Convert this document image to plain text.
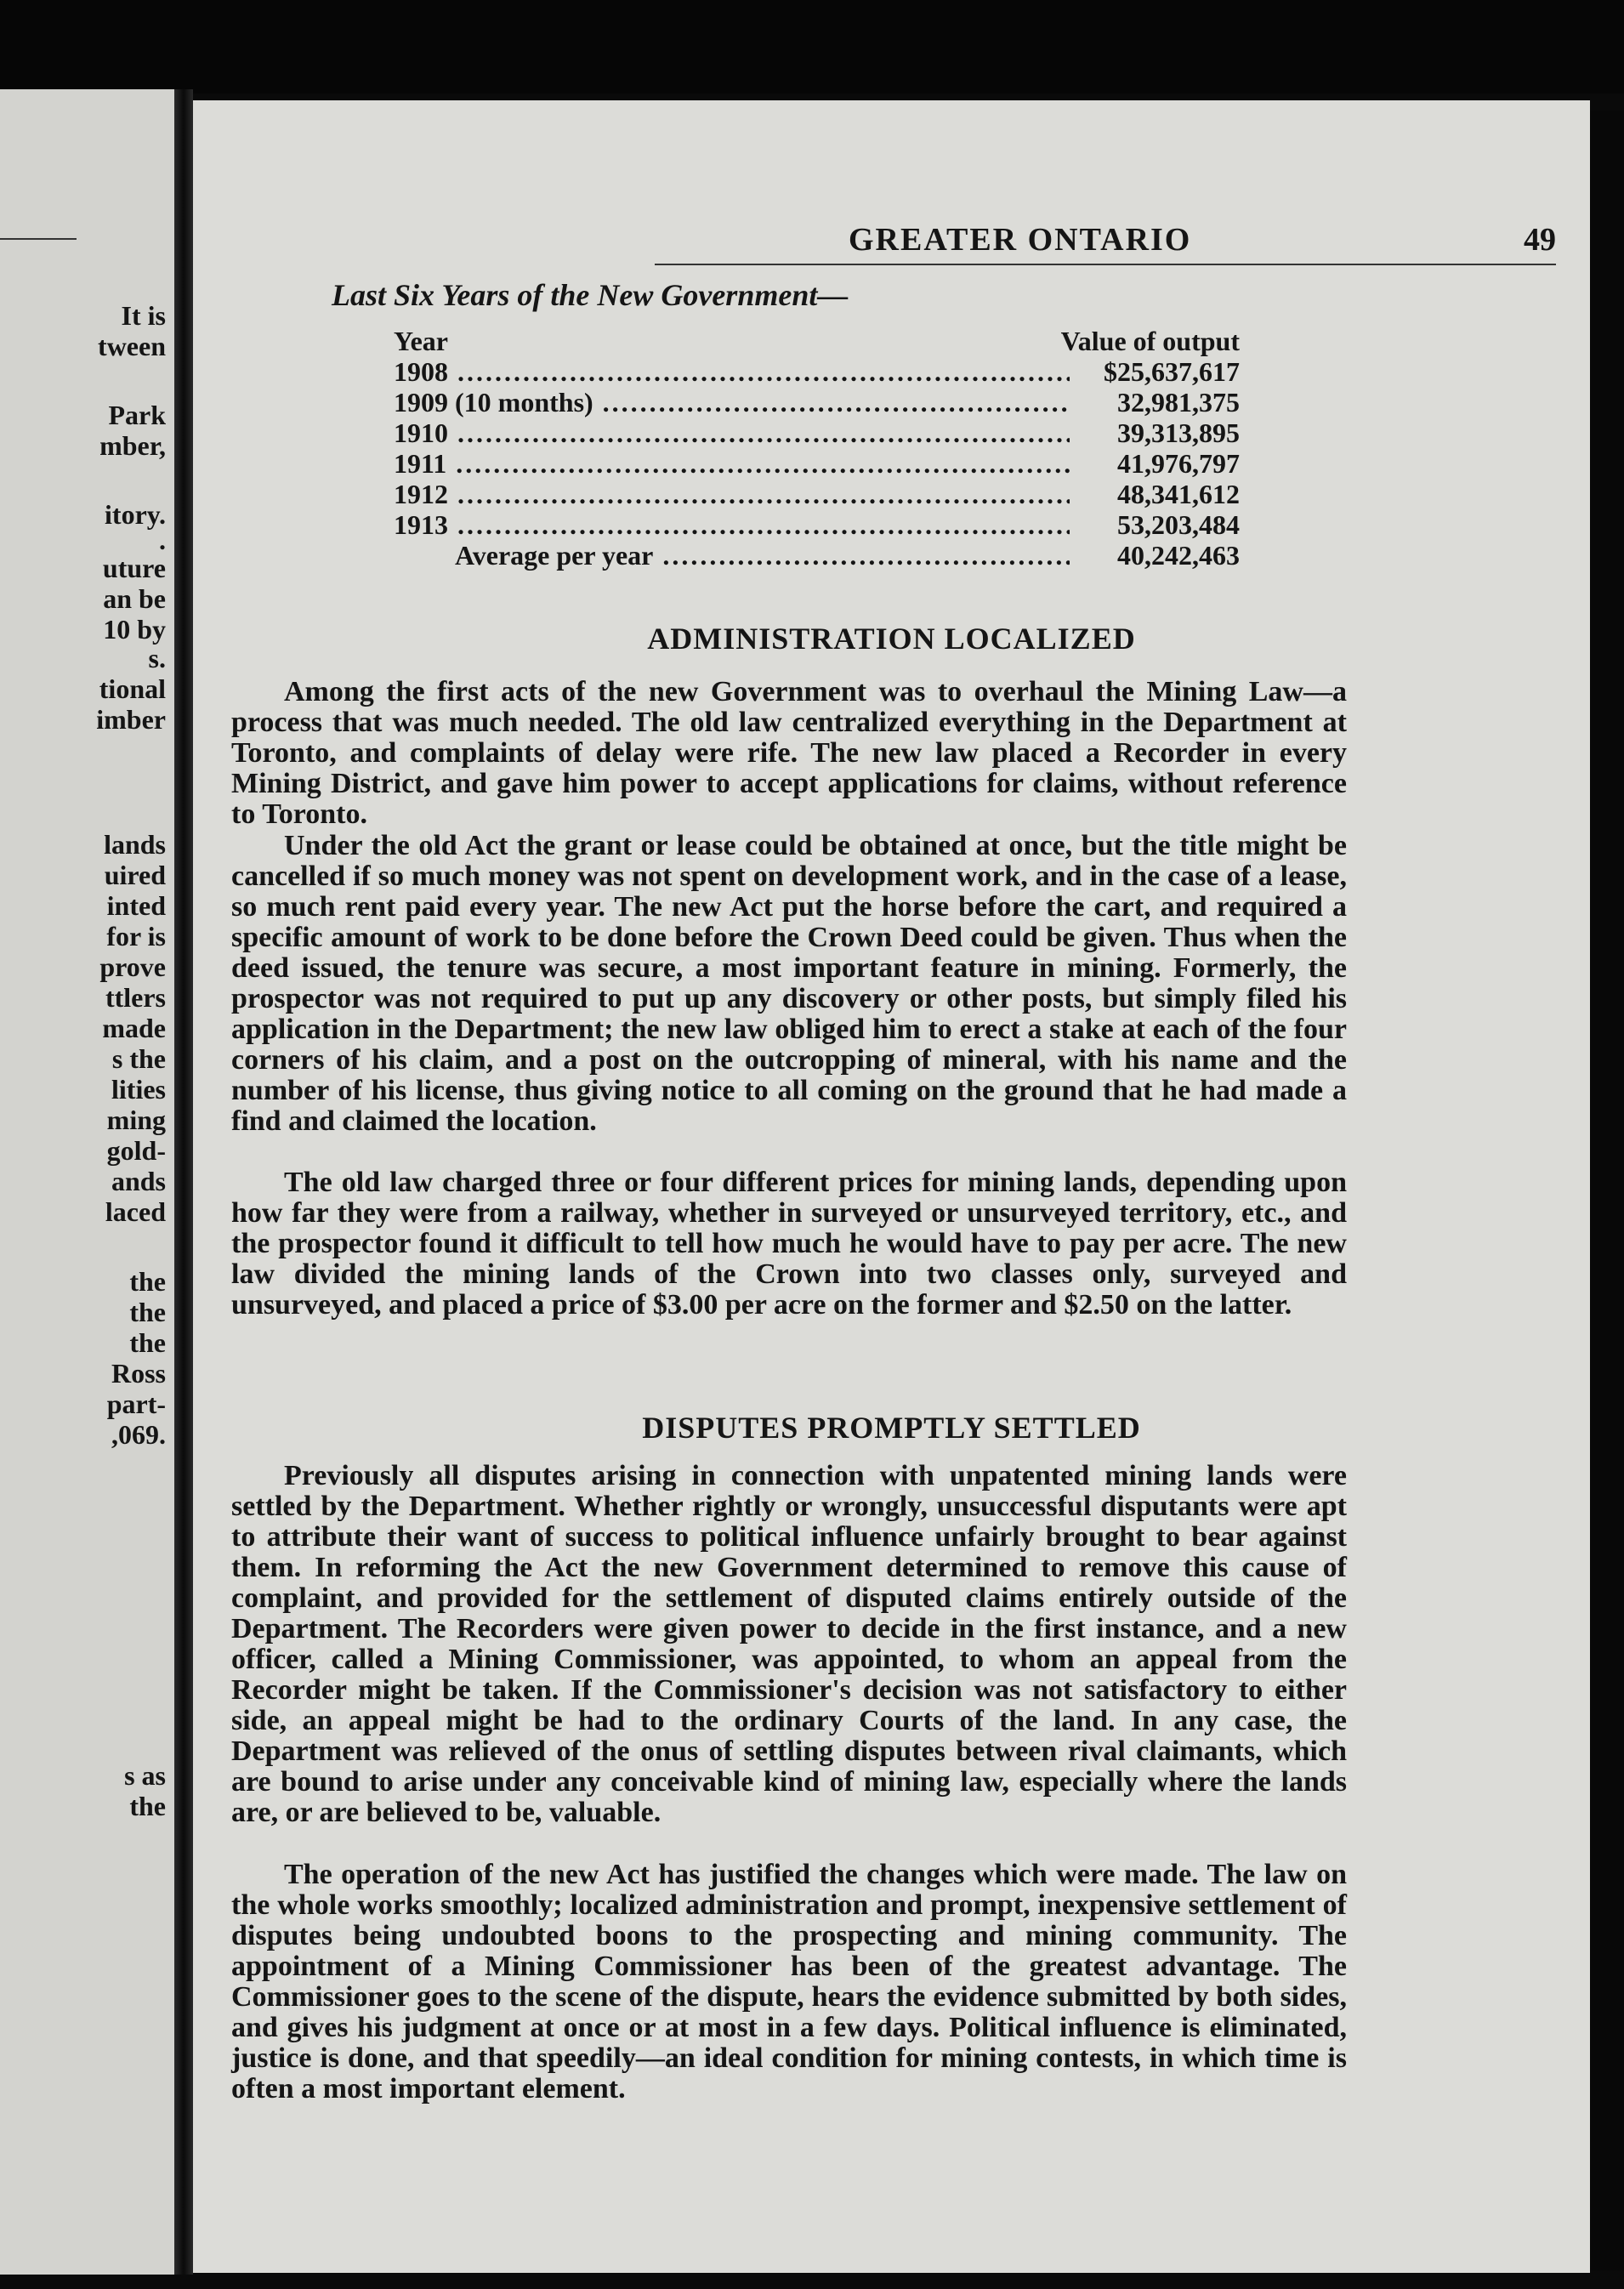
It is
tween
Park
mber,
itory.
.
uture
an be
10 by
s.
tional
imber
lands
uired
inted
for is
prove
ttlers
made
s the
lities
ming
gold-
ands
laced
the
the
the
Ross
part-
,069.
s as
the
GREATER ONTARIO	49
Last Six Years of the New Government—
Year	Value of output
1908 .....	$25,637,617
1909 (10 months) .....	32,981,375
1910 .....	39,313,895
1911 .....	41,976,797
1912 .....	48,341,612
1913 .....	53,203,484
Average per year .....	40,242,463
ADMINISTRATION LOCALIZED

Among the first acts of the new Government was to overhaul the Mining Law—a process that was much needed. The old law centralized everything in the Department at Toronto, and complaints of delay were rife. The new law placed a Recorder in every Mining District, and gave him power to accept applications for claims, without reference to Toronto.

Under the old Act the grant or lease could be obtained at once, but the title might be cancelled if so much money was not spent on development work, and in the case of a lease, so much rent paid every year. The new Act put the horse before the cart, and required a specific amount of work to be done before the Crown Deed could be given. Thus when the deed issued, the tenure was secure, a most important feature in mining. Formerly, the prospector was not required to put up any discovery or other posts, but simply filed his application in the Department; the new law obliged him to erect a stake at each of the four corners of his claim, and a post on the outcropping of mineral, with his name and the number of his license, thus giving notice to all coming on the ground that he had made a find and claimed the location.

The old law charged three or four different prices for mining lands, depending upon how far they were from a railway, whether in surveyed or unsurveyed territory, etc., and the prospector found it difficult to tell how much he would have to pay per acre. The new law divided the mining lands of the Crown into two classes only, surveyed and unsurveyed, and placed a price of $3.00 per acre on the former and $2.50 on the latter.

DISPUTES PROMPTLY SETTLED

Previously all disputes arising in connection with unpatented mining lands were settled by the Department. Whether rightly or wrongly, unsuccessful disputants were apt to attribute their want of success to political influence unfairly brought to bear against them. In reforming the Act the new Government determined to remove this cause of complaint, and provided for the settlement of disputed claims entirely outside of the Department. The Recorders were given power to decide in the first instance, and a new officer, called a Mining Commissioner, was appointed, to whom an appeal from the Recorder might be taken. If the Commissioner's decision was not satisfactory to either side, an appeal might be had to the ordinary Courts of the land. In any case, the Department was relieved of the onus of settling disputes between rival claimants, which are bound to arise under any conceivable kind of mining law, especially where the lands are, or are believed to be, valuable.

The operation of the new Act has justified the changes which were made. The law on the whole works smoothly; localized administration and prompt, inexpensive settlement of disputes being undoubted boons to the prospecting and mining community. The appointment of a Mining Commissioner has been of the greatest advantage. The Commissioner goes to the scene of the dispute, hears the evidence submitted by both sides, and gives his judgment at once or at most in a few days. Political influence is eliminated, justice is done, and that speedily—an ideal condition for mining contests, in which time is often a most important element.
